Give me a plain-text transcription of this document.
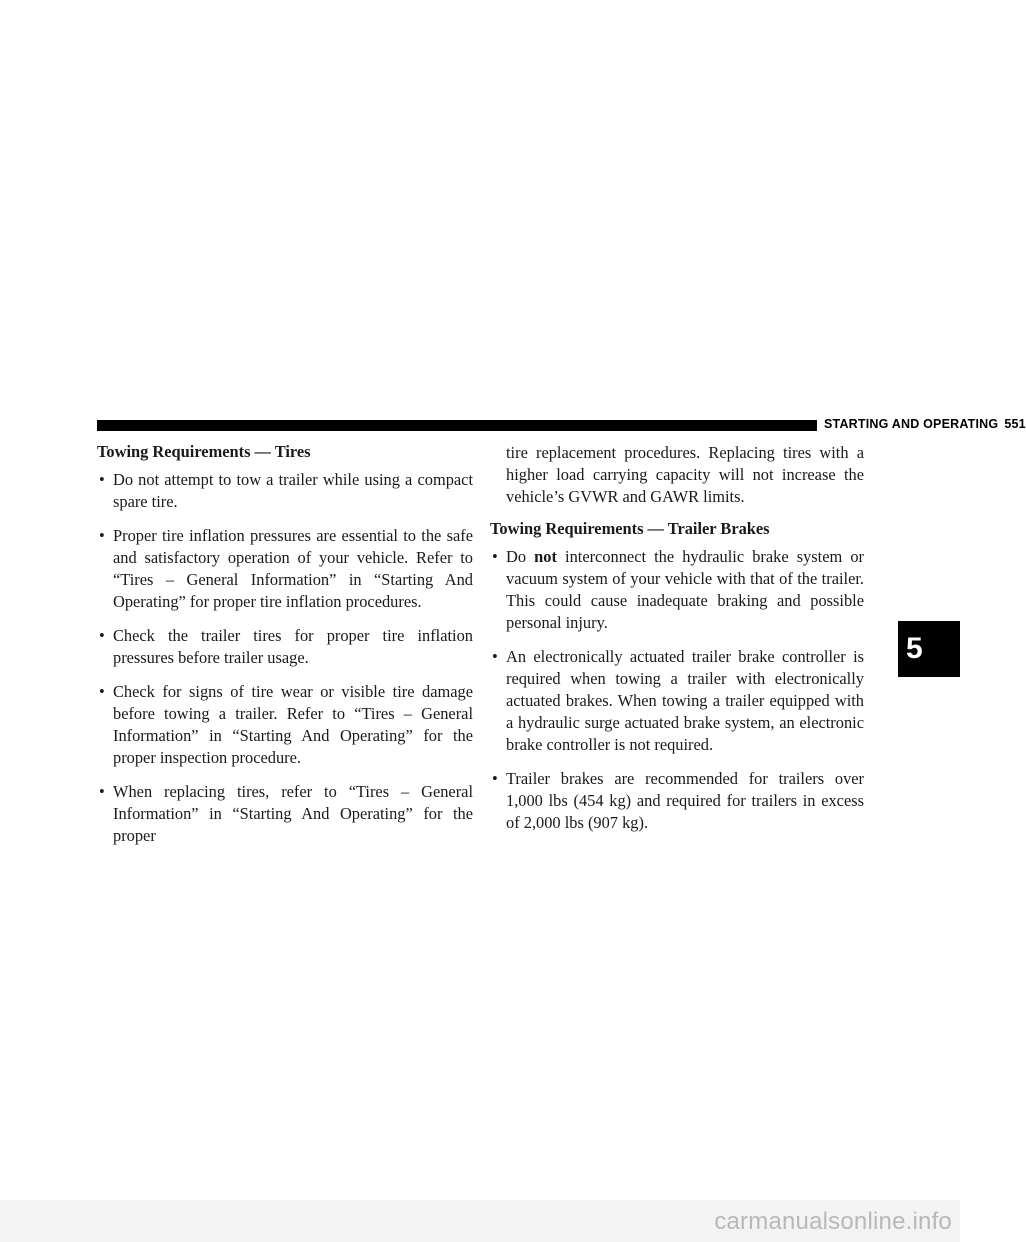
STARTING AND OPERATING 551
Towing Requirements — Tires
• Do not attempt to tow a trailer while using a compact spare tire.
• Proper tire inflation pressures are essential to the safe and satisfactory operation of your vehicle. Refer to “Tires – General Information” in “Starting And Operating” for proper tire inflation procedures.
• Check the trailer tires for proper tire inflation pressures before trailer usage.
• Check for signs of tire wear or visible tire damage before towing a trailer. Refer to “Tires – General Information” in “Starting And Operating” for the proper inspection procedure.
• When replacing tires, refer to “Tires – General Information” in “Starting And Operating” for the proper

tire replacement procedures. Replacing tires with a higher load carrying capacity will not increase the vehicle’s GVWR and GAWR limits.

Towing Requirements — Trailer Brakes
• Do not interconnect the hydraulic brake system or vacuum system of your vehicle with that of the trailer. This could cause inadequate braking and possible personal injury.
• An electronically actuated trailer brake controller is required when towing a trailer with electronically actuated brakes. When towing a trailer equipped with a hydraulic surge actuated brake system, an electronic brake controller is not required.
• Trailer brakes are recommended for trailers over 1,000 lbs (454 kg) and required for trailers in excess of 2,000 lbs (907 kg).
5
carmanualsonline.info
